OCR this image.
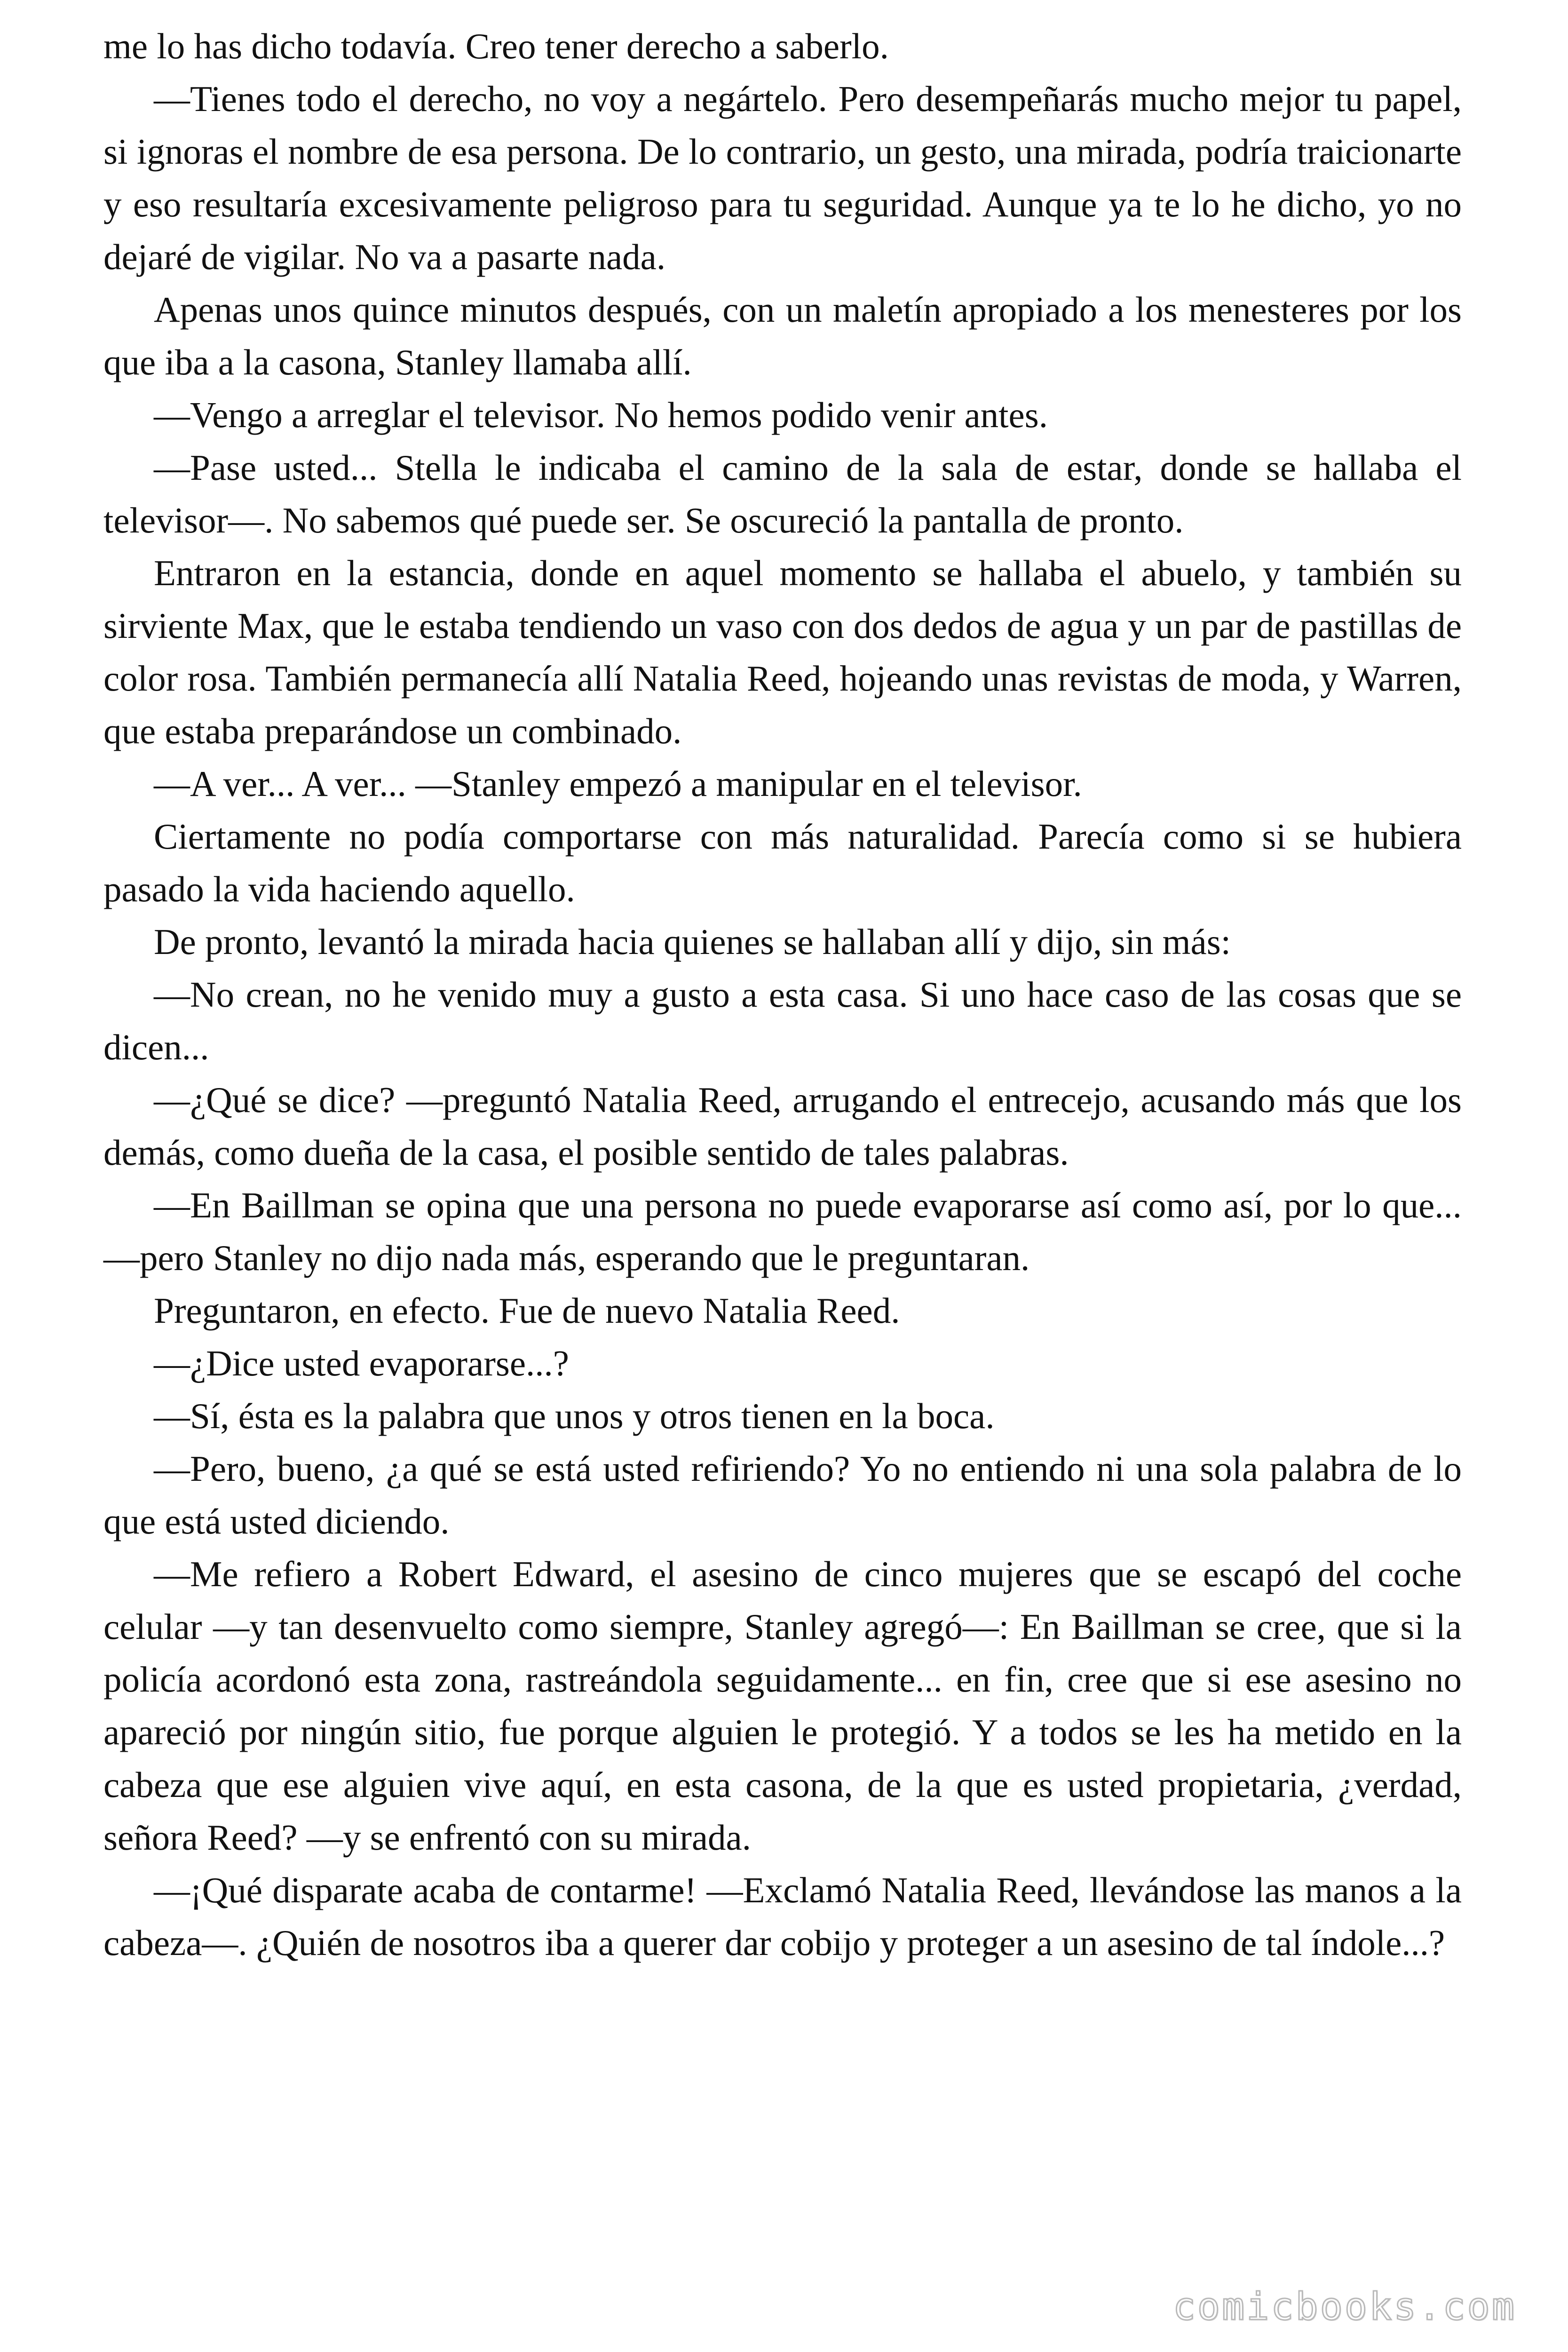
me lo has dicho todavía. Creo tener derecho a saberlo.

—Tienes todo el derecho, no voy a negártelo. Pero desempeñarás mucho mejor tu papel, si ignoras el nombre de esa persona. De lo contrario, un gesto, una mirada, podría traicionarte y eso resultaría excesivamente peligroso para tu seguridad. Aunque ya te lo he dicho, yo no dejaré de vigilar. No va a pasarte nada.

Apenas unos quince minutos después, con un maletín apropiado a los menesteres por los que iba a la casona, Stanley llamaba allí.

—Vengo a arreglar el televisor. No hemos podido venir antes.

—Pase usted... Stella le indicaba el camino de la sala de estar, donde se hallaba el televisor—. No sabemos qué puede ser. Se oscureció la pantalla de pronto.

Entraron en la estancia, donde en aquel momento se hallaba el abuelo, y también su sirviente Max, que le estaba tendiendo un vaso con dos dedos de agua y un par de pastillas de color rosa. También permanecía allí Natalia Reed, hojeando unas revistas de moda, y Warren, que estaba preparándose un combinado.

—A ver... A ver... —Stanley empezó a manipular en el televisor.

Ciertamente no podía comportarse con más naturalidad. Parecía como si se hubiera pasado la vida haciendo aquello.

De pronto, levantó la mirada hacia quienes se hallaban allí y dijo, sin más:

—No crean, no he venido muy a gusto a esta casa. Si uno hace caso de las cosas que se dicen...

—¿Qué se dice? —preguntó Natalia Reed, arrugando el entrecejo, acusando más que los demás, como dueña de la casa, el posible sentido de tales palabras.

—En Baillman se opina que una persona no puede evaporarse así como así, por lo que... —pero Stanley no dijo nada más, esperando que le preguntaran.

Preguntaron, en efecto. Fue de nuevo Natalia Reed.

—¿Dice usted evaporarse...?

—Sí, ésta es la palabra que unos y otros tienen en la boca.

—Pero, bueno, ¿a qué se está usted refiriendo? Yo no entiendo ni una sola palabra de lo que está usted diciendo.

—Me refiero a Robert Edward, el asesino de cinco mujeres que se escapó del coche celular —y tan desenvuelto como siempre, Stanley agregó—: En Baillman se cree, que si la policía acordonó esta zona, rastreándola seguidamente... en fin, cree que si ese asesino no apareció por ningún sitio, fue porque alguien le protegió. Y a todos se les ha metido en la cabeza que ese alguien vive aquí, en esta casona, de la que es usted propietaria, ¿verdad, señora Reed? —y se enfrentó con su mirada.

—¡Qué disparate acaba de contarme! —Exclamó Natalia Reed, llevándose las manos a la cabeza—. ¿Quién de nosotros iba a querer dar cobijo y proteger a un asesino de tal índole...?

comicbooks.com
